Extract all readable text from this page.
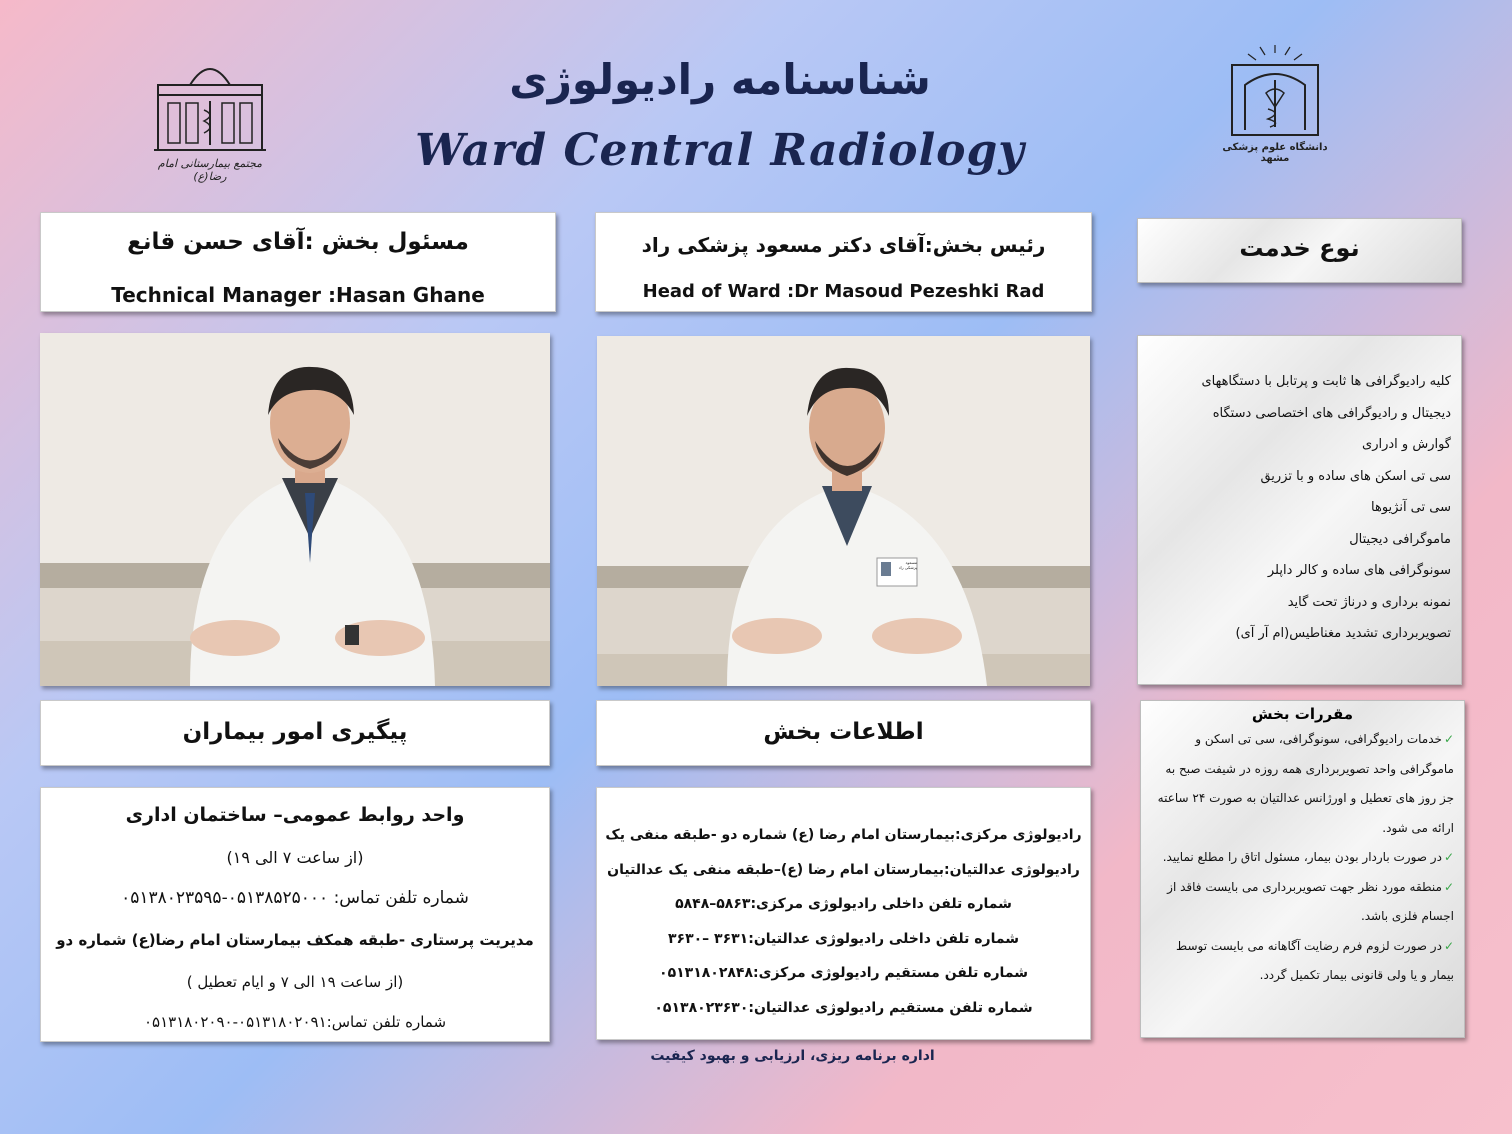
شناسنامه رادیولوژی
Ward Central Radiology
مجتمع بیمارستانی امام رضا(ع)
دانشگاه علوم پزشکی مشهد
مسئول بخش :آقای حسن قانع
Technical Manager :Hasan Ghane
رئیس بخش:آقای دکتر مسعود پزشکی راد
Head of Ward :Dr Masoud Pezeshki Rad
نوع خدمت
مسعود پزشکی راد
کلیه رادیوگرافی ها ثابت و پرتابل با دستگاههای
دیجیتال و رادیوگرافی های اختصاصی دستگاه
گوارش و ادراری
سی تی اسکن های ساده و با تزریق
سی تی آنژیوها
ماموگرافی دیجیتال
سونوگرافی های ساده و کالر داپلر
نمونه برداری و درناژ تحت گاید
تصویربرداری تشدید مغناطیس(ام آر آی)
پیگیری امور بیماران	اطلاعات بخش
مقررات بخش
✓خدمات رادیوگرافی، سونوگرافی، سی تی اسکن و ماموگرافی واحد تصویربرداری همه روزه در شیفت صبح به جز روز های تعطیل و اورژانس عدالتیان به صورت ۲۴ ساعته ارائه می شود.
✓در صورت باردار بودن بیمار، مسئول اتاق را مطلع نمایید.
✓منطقه مورد نظر جهت تصویربرداری می بایست فاقد از اجسام فلزی باشد.
✓در صورت لزوم فرم رضایت آگاهانه می بایست توسط بیمار و یا ولی قانونی بیمار تکمیل گردد.
واحد روابط عمومی– ساختمان اداری
(از ساعت ۷ الی ۱۹)
شماره تلفن تماس: ۰۵۱۳۸۵۲۵۰۰۰-۰۵۱۳۸۰۲۳۵۹۵
مدیریت پرستاری -طبقه همکف بیمارستان امام رضا(ع) شماره دو
(از ساعت ۱۹ الی ۷ و ایام تعطیل )
شماره تلفن تماس:۰۵۱۳۱۸۰۲۰۹۱-۰۵۱۳۱۸۰۲۰۹۰
رادیولوژی مرکزی:بیمارستان امام رضا (ع) شماره دو -طبقه منفی یک
رادیولوژی عدالتیان:بیمارستان امام رضا (ع)–طبقه منفی یک عدالتیان
شماره تلفن داخلی رادیولوژی مرکزی:۵۸۶۳–۵۸۴۸
شماره تلفن داخلی رادیولوژی عدالتیان:۳۶۳۱ –۳۶۳۰
شماره تلفن مستقیم رادیولوژی مرکزی:۰۵۱۳۱۸۰۲۸۴۸
شماره تلفن مستقیم رادیولوژی عدالتیان:۰۵۱۳۸۰۲۳۶۳۰
اداره برنامه ریزی، ارزیابی و بهبود کیفیت
